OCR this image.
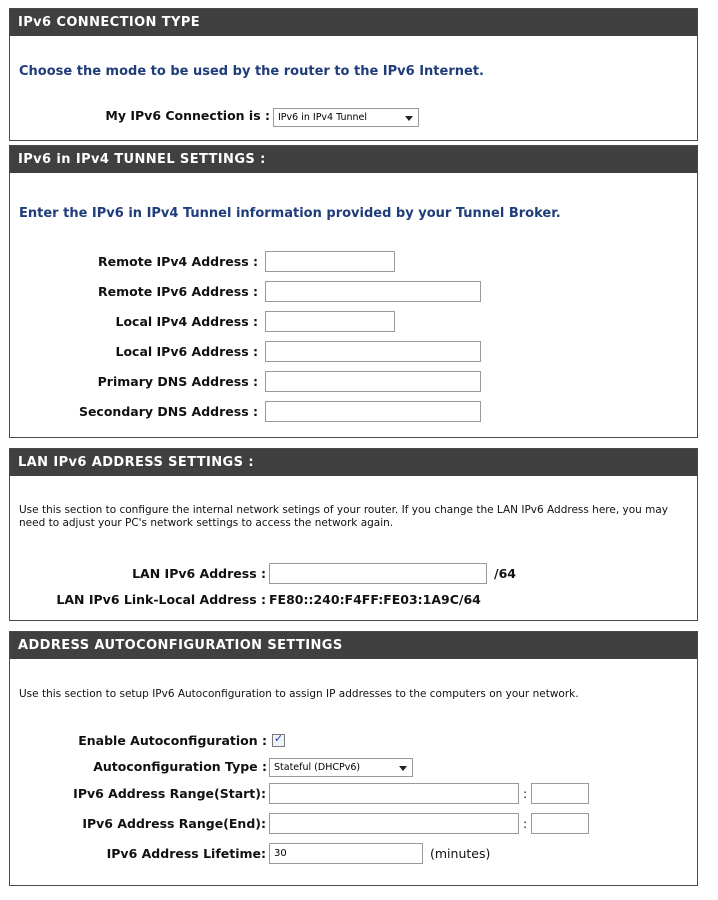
IPv6 CONNECTION TYPE
Choose the mode to be used by the router to the IPv6 Internet.
My IPv6 Connection is : IPv6 in IPv4 Tunnel
IPv6 in IPv4 TUNNEL SETTINGS :
Enter the IPv6 in IPv4 Tunnel information provided by your Tunnel Broker.
Remote IPv4 Address :
Remote IPv6 Address :
Local IPv4 Address :
Local IPv6 Address :
Primary DNS Address :
Secondary DNS Address :
LAN IPv6 ADDRESS SETTINGS :
Use this section to configure the internal network setings of your router. If you change the LAN IPv6 Address here, you may need to adjust your PC's network settings to access the network again.
LAN IPv6 Address :	/64
LAN IPv6 Link-Local Address : FE80::240:F4FF:FE03:1A9C/64
ADDRESS AUTOCONFIGURATION SETTINGS
Use this section to setup IPv6 Autoconfiguration to assign IP addresses to the computers on your network.
Enable Autoconfiguration : ✓
Autoconfiguration Type : Stateful (DHCPv6)
IPv6 Address Range(Start):	:
IPv6 Address Range(End):	:
IPv6 Address Lifetime: 30	(minutes)
